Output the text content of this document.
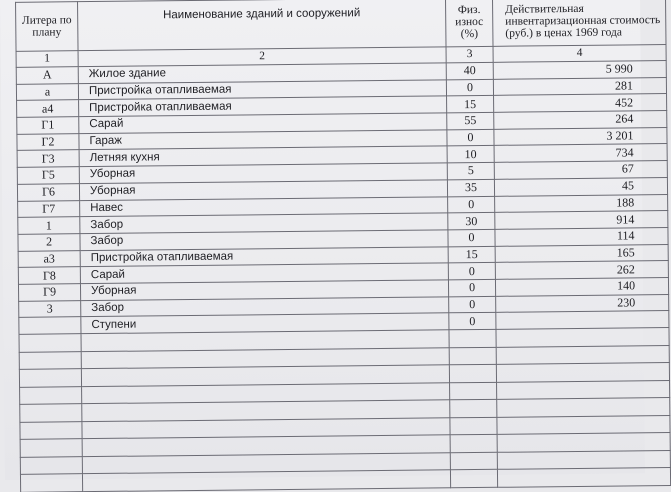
Литера по плану	Наименование зданий и сооружений	Физ. износ (%)	Действительная инвентаризационная стоимость (руб.) в ценах 1969 года
1	2	3	4
А	Жилое здание	40	5 990
а	Пристройка отапливаемая	0	281
а4	Пристройка отапливаемая	15	452
Г1	Сарай	55	264
Г2	Гараж	0	3 201
Г3	Летняя кухня	10	734
Г5	Уборная	5	67
Г6	Уборная	35	45
Г7	Навес	0	188
1	Забор	30	914
2	Забор	0	114
а3	Пристройка отапливаемая	15	165
Г8	Сарай	0	262
Г9	Уборная	0	140
3	Забор	0	230
	Ступени	0	
